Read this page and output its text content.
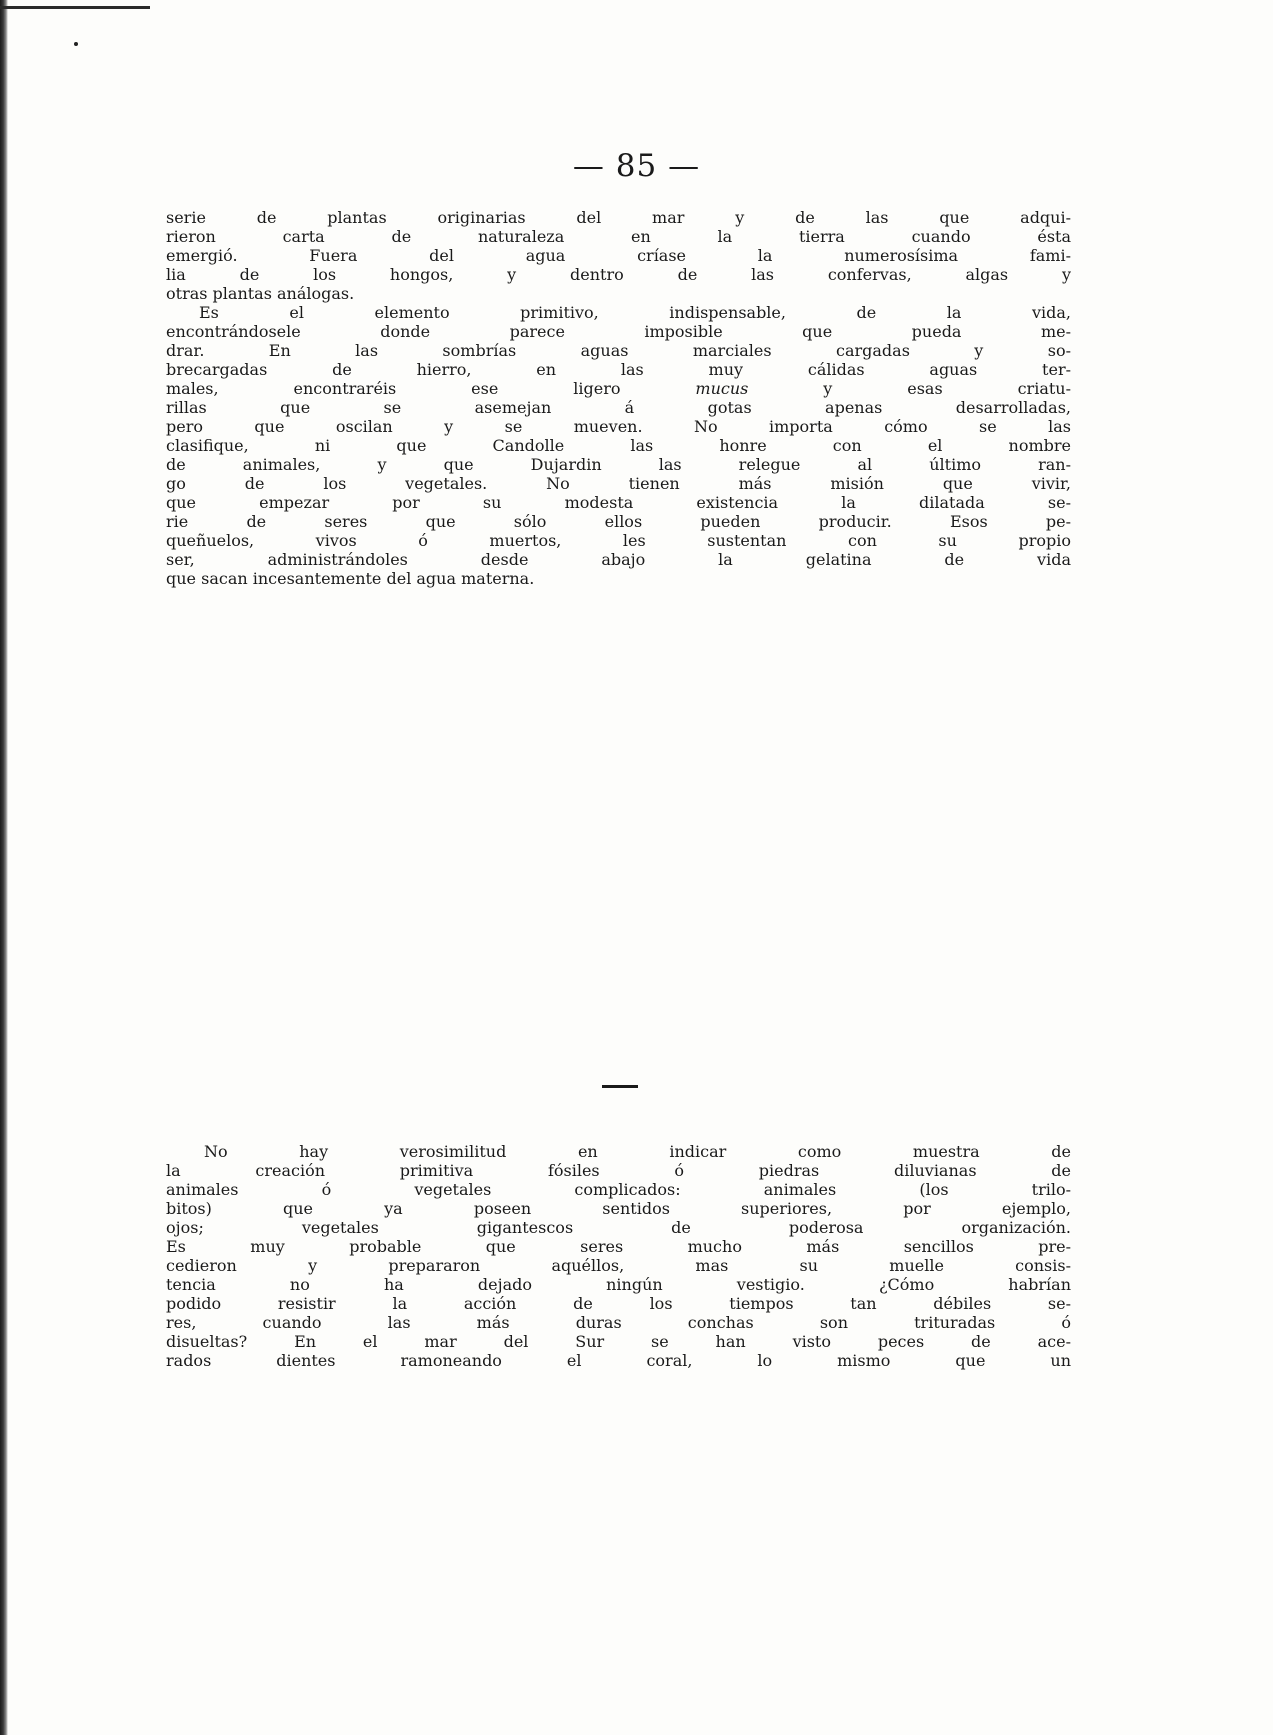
— 85 —
serie de plantas originarias del mar y de las que adqui-
rieron carta de naturaleza en la tierra cuando ésta
emergió. Fuera del agua críase la numerosísima fami-
lia de los hongos, y dentro de las confervas, algas y
otras plantas análogas.
Es el elemento primitivo, indispensable, de la vida,
encontrándosele donde parece imposible que pueda me-
drar. En las sombrías aguas marciales cargadas y so-
brecargadas de hierro, en las muy cálidas aguas ter-
males, encontraréis ese ligero mucus y esas criatu-
rillas que se asemejan á gotas apenas desarrolladas,
pero que oscilan y se mueven. No importa cómo se las
clasifique, ni que Candolle las honre con el nombre
de animales, y que Dujardin las relegue al último ran-
go de los vegetales. No tienen más misión que vivir,
que empezar por su modesta existencia la dilatada se-
rie de seres que sólo ellos pueden producir. Esos pe-
queñuelos, vivos ó muertos, les sustentan con su propio
ser, administrándoles desde abajo la gelatina de vida
que sacan incesantemente del agua materna.
No hay verosimilitud en indicar como muestra de
la creación primitiva fósiles ó piedras diluvianas de
animales ó vegetales complicados: animales (los trilo-
bitos) que ya poseen sentidos superiores, por ejemplo,
ojos; vegetales gigantescos de poderosa organización.
Es muy probable que seres mucho más sencillos pre-
cedieron y prepararon aquéllos, mas su muelle consis-
tencia no ha dejado ningún vestigio. ¿Cómo habrían
podido resistir la acción de los tiempos tan débiles se-
res, cuando las más duras conchas son trituradas ó
disueltas? En el mar del Sur se han visto peces de ace-
rados dientes ramoneando el coral, lo mismo que un
